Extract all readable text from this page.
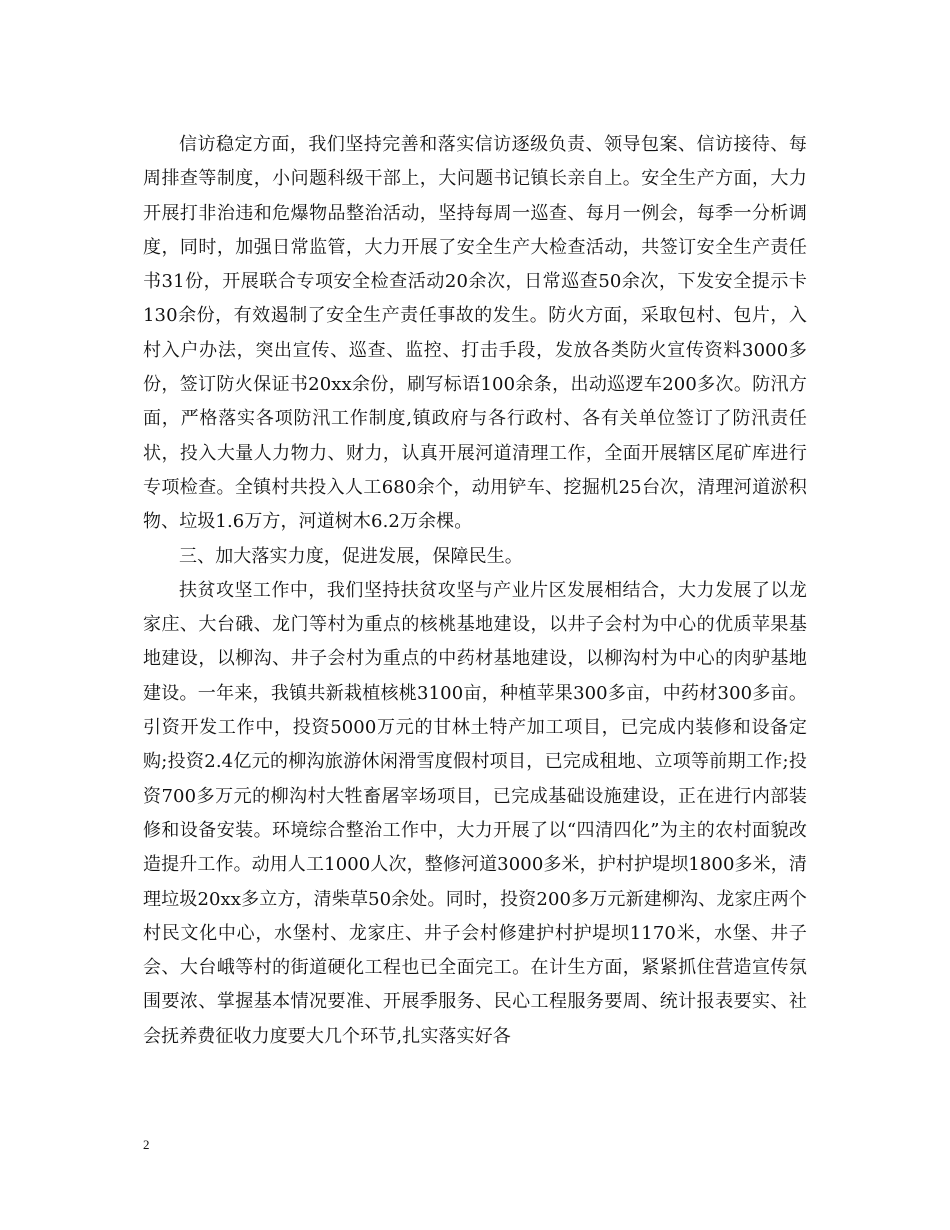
信访稳定方面，我们坚持完善和落实信访逐级负责、领导包案、信访接待、每周排查等制度，小问题科级干部上，大问题书记镇长亲自上。安全生产方面，大力开展打非治违和危爆物品整治活动，坚持每周一巡查、每月一例会，每季一分析调度，同时，加强日常监管，大力开展了安全生产大检查活动，共签订安全生产责任书31份，开展联合专项安全检查活动20余次，日常巡查50余次，下发安全提示卡130余份，有效遏制了安全生产责任事故的发生。防火方面，采取包村、包片，入村入户办法，突出宣传、巡查、监控、打击手段，发放各类防火宣传资料3000多份，签订防火保证书20xx余份，刷写标语100余条，出动巡逻车200多次。防汛方面，严格落实各项防汛工作制度,镇政府与各行政村、各有关单位签订了防汛责任状，投入大量人力物力、财力，认真开展河道清理工作，全面开展辖区尾矿库进行专项检查。全镇村共投入人工680余个，动用铲车、挖掘机25台次，清理河道淤积物、垃圾1.6万方，河道树木6.2万余棵。

三、加大落实力度，促进发展，保障民生。

扶贫攻坚工作中，我们坚持扶贫攻坚与产业片区发展相结合，大力发展了以龙家庄、大台硪、龙门等村为重点的核桃基地建设，以井子会村为中心的优质苹果基地建设，以柳沟、井子会村为重点的中药材基地建设，以柳沟村为中心的肉驴基地建设。一年来，我镇共新栽植核桃3100亩，种植苹果300多亩，中药材300多亩。引资开发工作中，投资5000万元的甘林土特产加工项目，已完成内装修和设备定购;投资2.4亿元的柳沟旅游休闲滑雪度假村项目，已完成租地、立项等前期工作;投资700多万元的柳沟村大牲畜屠宰场项目，已完成基础设施建设，正在进行内部装修和设备安装。环境综合整治工作中，大力开展了以“四清四化”为主的农村面貌改造提升工作。动用人工1000人次，整修河道3000多米，护村护堤坝1800多米，清理垃圾20xx多立方，清柴草50余处。同时，投资200多万元新建柳沟、龙家庄两个村民文化中心，水堡村、龙家庄、井子会村修建护村护堤坝1170米，水堡、井子会、大台峨等村的街道硬化工程也已全面完工。在计生方面，紧紧抓住营造宣传氛围要浓、掌握基本情况要准、开展季服务、民心工程服务要周、统计报表要实、社会抚养费征收力度要大几个环节,扎实落实好各

2
